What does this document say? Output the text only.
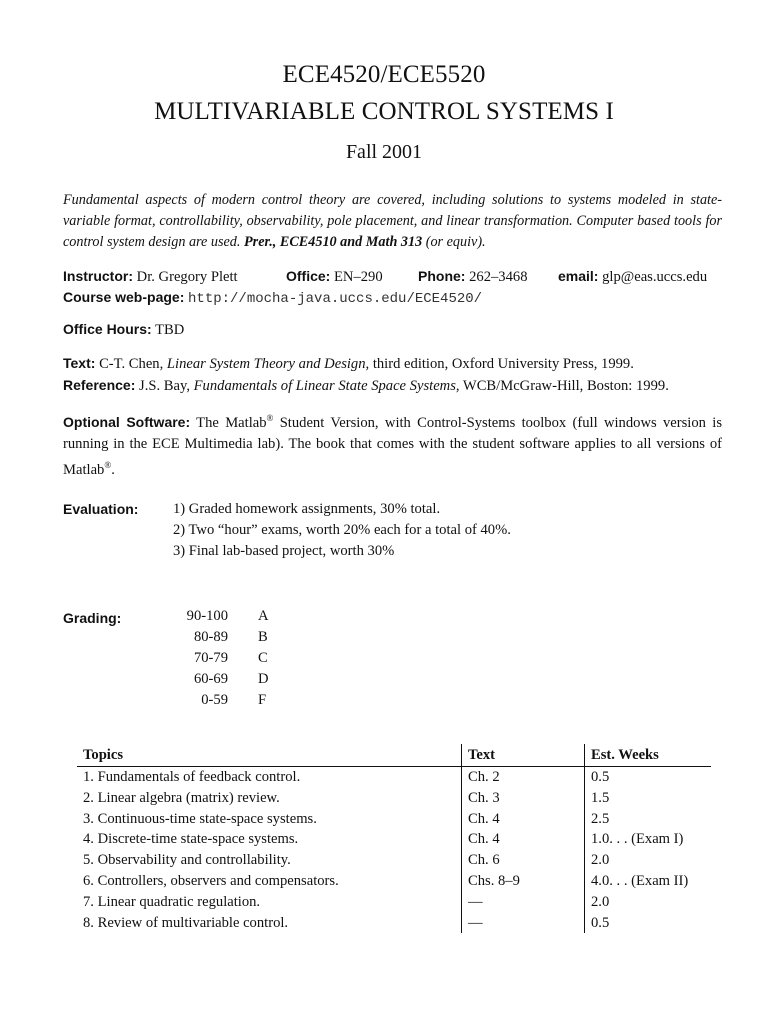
ECE4520/ECE5520
MULTIVARIABLE CONTROL SYSTEMS I
Fall 2001
Fundamental aspects of modern control theory are covered, including solutions to systems modeled in state-variable format, controllability, observability, pole placement, and linear transformation. Computer based tools for control system design are used. Prer., ECE4510 and Math 313 (or equiv).
Instructor: Dr. Gregory Plett	Office: EN–290	Phone: 262–3468 email: glp@eas.uccs.edu
Course web-page: http://mocha-java.uccs.edu/ECE4520/
Office Hours: TBD
Text: C-T. Chen, Linear System Theory and Design, third edition, Oxford University Press, 1999.
Reference: J.S. Bay, Fundamentals of Linear State Space Systems, WCB/McGraw-Hill, Boston: 1999.
Optional Software: The Matlab® Student Version, with Control-Systems toolbox (full windows version is running in the ECE Multimedia lab). The book that comes with the student software applies to all versions of Matlab®.
Evaluation: 1) Graded homework assignments, 30% total.
2) Two “hour” exams, worth 20% each for a total of 40%.
3) Final lab-based project, worth 30%
Grading:	90-100 A
80-89 B
70-79 C
60-69 D
0-59 F
Topics	Text	Est. Weeks
1. Fundamentals of feedback control.	Ch. 2	0.5
2. Linear algebra (matrix) review.	Ch. 3	1.5
3. Continuous-time state-space systems.	Ch. 4	2.5
4. Discrete-time state-space systems.	Ch. 4	1.0. . . (Exam I)
5. Observability and controllability.	Ch. 6	2.0
6. Controllers, observers and compensators.	Chs. 8–9	4.0. . . (Exam II)
7. Linear quadratic regulation.	—	2.0
8. Review of multivariable control.	—	0.5
